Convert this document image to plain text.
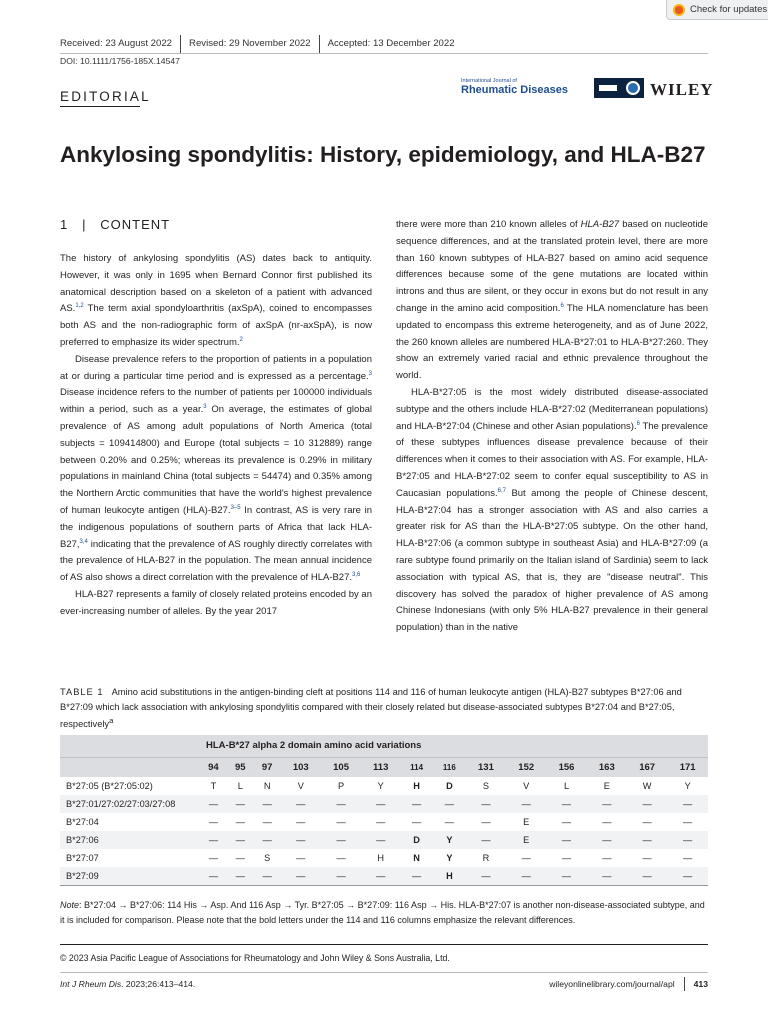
Check for updates
Received: 23 August 2022 Revised: 29 November 2022 Accepted: 13 December 2022
DOI: 10.1111/1756-185X.14547
EDITORIAL
International Journal of
Rheumatic Diseases	WILEY
Ankylosing spondylitis: History, epidemiology, and HLA-B27
1   |   CONTENT

The history of ankylosing spondylitis (AS) dates back to antiquity. However, it was only in 1695 when Bernard Connor first published its anatomical description based on a skeleton of a patient with advanced AS.$^{1,2}$ The term axial spondyloarthritis (axSpA), coined to encompasses both AS and the non-radiographic form of axSpA (nr-axSpA), is now preferred to emphasize its wider spectrum.$^2$

Disease prevalence refers to the proportion of patients in a population at or during a particular time period and is expressed as a percentage.$^3$ Disease incidence refers to the number of patients per 100000 individuals within a period, such as a year.$^3$ On average, the estimates of global prevalence of AS among adult populations of North America (total subjects = 109414800) and Europe (total subjects = 10 312889) range between 0.20% and 0.25%; whereas its prevalence is 0.29% in military populations in mainland China (total subjects = 54474) and 0.35% among the Northern Arctic communities that have the world's highest prevalence of human leukocyte antigen (HLA)-B27.$^{3-5}$ In contrast, AS is very rare in the indigenous populations of southern parts of Africa that lack HLA-B27,$^{3,4}$ indicating that the prevalence of AS roughly directly correlates with the prevalence of HLA-B27 in the population. The mean annual incidence of AS also shows a direct correlation with the prevalence of HLA-B27.$^{3,6}$

HLA-B27 represents a family of closely related proteins encoded by an ever-increasing number of alleles. By the year 2017

there were more than 210 known alleles of HLA-B27 based on nucleotide sequence differences, and at the translated protein level, there are more than 160 known subtypes of HLA-B27 based on amino acid sequence differences because some of the gene mutations are located within introns and thus are silent, or they occur in exons but do not result in any change in the amino acid composition.$^6$ The HLA nomenclature has been updated to encompass this extreme heterogeneity, and as of June 2022, the 260 known alleles are numbered HLA-B*27:01 to HLA-B*27:260. They show an extremely varied racial and ethnic prevalence throughout the world.

HLA-B*27:05 is the most widely distributed disease-associated subtype and the others include HLA-B*27:02 (Mediterranean populations) and HLA-B*27:04 (Chinese and other Asian populations).$^6$ The prevalence of these subtypes influences disease prevalence because of their differences when it comes to their association with AS. For example, HLA-B*27:05 and HLA-B*27:02 seem to confer equal susceptibility to AS in Caucasian populations.$^{6,7}$ But among the people of Chinese descent, HLA-B*27:04 has a stronger association with AS and also carries a greater risk for AS than the HLA-B*27:05 subtype. On the other hand, HLA-B*27:06 (a common subtype in southeast Asia) and HLA-B*27:09 (a rare subtype found primarily on the Italian island of Sardinia) seem to lack association with typical AS, that is, they are "disease neutral". This discovery has solved the paradox of higher prevalence of AS among Chinese Indonesians (with only 5% HLA-B27 prevalence in their general population) than in the native

TABLE 1 Amino acid substitutions in the antigen-binding cleft at positions 114 and 116 of human leukocyte antigen (HLA)-B27 subtypes B*27:06 and B*27:09 which lack association with ankylosing spondylitis compared with their closely related but disease-associated subtypes B*27:04 and B*27:05, respectively$^a$
	HLA-B*27 alpha 2 domain amino acid variations													
	94	95	97	103	105	113	114	116	131	152	156	163	167	171
B*27:05 (B*27:05:02)	T	L	N	V	P	Y	H	D	S	V	L	E	W	Y
B*27:01/27:02/27:03/27:08	—	—	—	—	—	—	—	—	—	—	—	—	—	—
B*27:04	—	—	—	—	—	—	—	—	—	E	—	—	—	—
B*27:06	—	—	—	—	—	—	D	Y	—	E	—	—	—	—
B*27:07	—	—	S	—	—	H	N	Y	R	—	—	—	—	—
B*27:09	—	—	—	—	—	—	—	H	—	—	—	—	—	—
Note: B*27:04 → B*27:06: 114 His → Asp. And 116 Asp → Tyr. B*27:05 → B*27:09: 116 Asp → His. HLA-B*27:07 is another non-disease-associated subtype, and it is included for comparison. Please note that the bold letters under the 114 and 116 columns emphasize the relevant differences.
© 2023 Asia Pacific League of Associations for Rheumatology and John Wiley & Sons Australia, Ltd.
Int J Rheum Dis. 2023;26:413–414.	wileyonlinelibrary.com/journal/apl 413
